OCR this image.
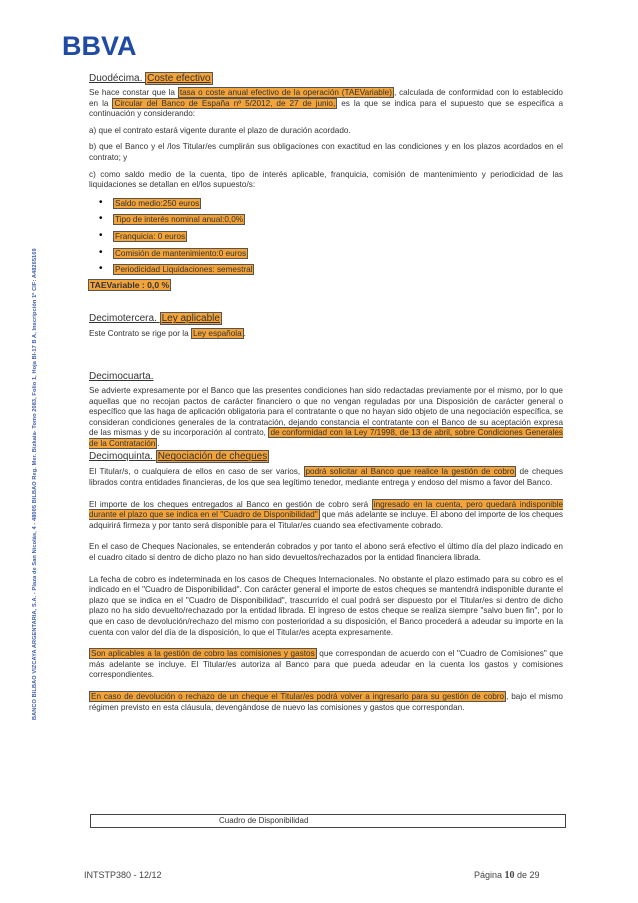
BBVA
BANCO BILBAO VIZCAYA ARGENTARIA, S.A. - Plaza de San Nicolás, 4 - 48005 BILBAO Reg. Mer. Bizkaia- Tomo 2083, Folio 1, Hoja BI-17 B A, Inscripción 1ª CIF: A48265169
Duodécima. Coste efectivo

Se hace constar que la tasa o coste anual efectivo de la operación (TAEVariable) , calculada de conformidad con lo establecido en la Circular del Banco de España nº 5/2012, de 27 de junio, es la que se indica para el supuesto que se especifica a continuación y considerando:

a) que el contrato estará vigente durante el plazo de duración acordado.

b) que el Banco y el /los Titular/es cumplirán sus obligaciones con exactitud en las condiciones y en los plazos acordados en el contrato; y

c) como saldo medio de la cuenta, tipo de interés aplicable, franquicia, comisión de mantenimiento y periodicidad de las liquidaciones se detallan en el/los supuesto/s:

• Saldo medio:250 euros
• Tipo de interés nominal anual:0,0%
• Franquicia: 0 euros
• Comisión de mantenimiento:0 euros
• Periodicidad Liquidaciones: semestral
TAEVariable : 0,0 %
Decimotercera. Ley aplicable

Este Contrato se rige por la Ley española .

Decimocuarta.

Se advierte expresamente por el Banco que las presentes condiciones han sido redactadas previamente por el mismo, por lo que aquellas que no recojan pactos de carácter financiero o que no vengan reguladas por una Disposición de carácter general o específico que las haga de aplicación obligatoria para el contratante o que no hayan sido objeto de una negociación específica, se consideran condiciones generales de la contratación, dejando constancia el contratante con el Banco de su aceptación expresa de las mismas y de su incorporación al contrato, de conformidad con la Ley 7/1998, de 13 de abril, sobre Condiciones Generales de la Contratación .

Decimoquinta. Negociación de cheques

El Titular/s, o cualquiera de ellos en caso de ser varios, podrá solicitar al Banco que realice la gestión de cobro de cheques librados contra entidades financieras, de los que sea legítimo tenedor, mediante entrega y endoso del mismo a favor del Banco.

El importe de los cheques entregados al Banco en gestión de cobro será ingresado en la cuenta, pero quedará indisponible durante el plazo que se indica en el "Cuadro de Disponibilidad" que más adelante se incluye. El abono del importe de los cheques adquirirá firmeza y por tanto será disponible para el Titular/es cuando sea efectivamente cobrado.

En el caso de Cheques Nacionales, se entenderán cobrados y por tanto el abono será efectivo el último día del plazo indicado en el cuadro citado si dentro de dicho plazo no han sido devueltos/rechazados por la entidad financiera librada.

La fecha de cobro es indeterminada en los casos de Cheques Internacionales. No obstante el plazo estimado para su cobro es el indicado en el "Cuadro de Disponibilidad". Con carácter general el importe de estos cheques se mantendrá indisponible durante el plazo que se indica en el "Cuadro de Disponibilidad", trascurrido el cual podrá ser dispuesto por el Titular/es si dentro de dicho plazo no ha sido devuelto/rechazado por la entidad librada. El ingreso de estos cheque se realiza siempre "salvo buen fin", por lo que en caso de devolución/rechazo del mismo con posterioridad a su disposición, el Banco procederá a adeudar su importe en la cuenta con valor del día de la disposición, lo que el Titular/es acepta expresamente.

Son aplicables a la gestión de cobro las comisiones y gastos que correspondan de acuerdo con el "Cuadro de Comisiones" que más adelante se incluye. El Titular/es autoriza al Banco para que pueda adeudar en la cuenta los gastos y comisiones correspondientes.

En caso de devolución o rechazo de un cheque el Titular/es podrá volver a ingresarlo para su gestión de cobro , bajo el mismo régimen previsto en esta cláusula, devengándose de nuevo las comisiones y gastos que correspondan.

Cuadro de Disponibilidad
INTSTP380 - 12/12	Página 10 de 29
